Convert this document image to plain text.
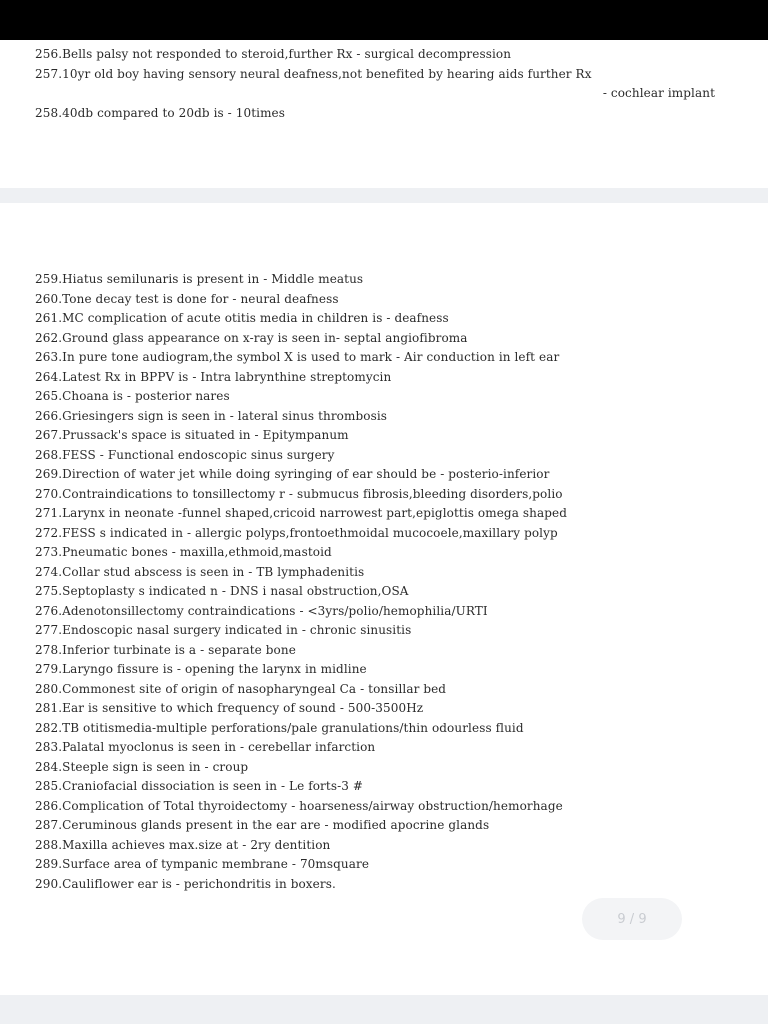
256.Bells palsy not responded to steroid,further Rx - surgical decompression
257.10yr old boy having sensory neural deafness,not benefited by hearing aids further Rx
- cochlear implant
258.40db compared to 20db is - 10times
259.Hiatus semilunaris is present in - Middle meatus
260.Tone decay test is done for - neural deafness
261.MC complication of acute otitis media in children is - deafness
262.Ground glass appearance on x-ray is seen in- septal angiofibroma
263.In pure tone audiogram,the symbol X is used to mark - Air conduction in left ear
264.Latest Rx in BPPV is - Intra labrynthine streptomycin
265.Choana is - posterior nares
266.Griesingers sign is seen in - lateral sinus thrombosis
267.Prussack's space is situated in - Epitympanum
268.FESS - Functional endoscopic sinus surgery
269.Direction of water jet while doing syringing of ear should be - posterio-inferior
270.Contraindications to tonsillectomy r - submucus fibrosis,bleeding disorders,polio
271.Larynx in neonate -funnel shaped,cricoid narrowest part,epiglottis omega shaped
272.FESS s indicated in - allergic polyps,frontoethmoidal mucocoele,maxillary polyp
273.Pneumatic bones - maxilla,ethmoid,mastoid
274.Collar stud abscess is seen in - TB lymphadenitis
275.Septoplasty s indicated n - DNS i nasal obstruction,OSA
276.Adenotonsillectomy contraindications - <3yrs/polio/hemophilia/URTI
277.Endoscopic nasal surgery indicated in - chronic sinusitis
278.Inferior turbinate is a - separate bone
279.Laryngo fissure is - opening the larynx in midline
280.Commonest site of origin of nasopharyngeal Ca - tonsillar bed
281.Ear is sensitive to which frequency of sound - 500-3500Hz
282.TB otitismedia-multiple perforations/pale granulations/thin odourless fluid
283.Palatal myoclonus is seen in - cerebellar infarction
284.Steeple sign is seen in - croup
285.Craniofacial dissociation is seen in - Le forts-3 #
286.Complication of Total thyroidectomy - hoarseness/airway obstruction/hemorhage
287.Ceruminous glands present in the ear are - modified apocrine glands
288.Maxilla achieves max.size at - 2ry dentition
289.Surface area of tympanic membrane - 70msquare
290.Cauliflower ear is - perichondritis in boxers.
9 / 9
